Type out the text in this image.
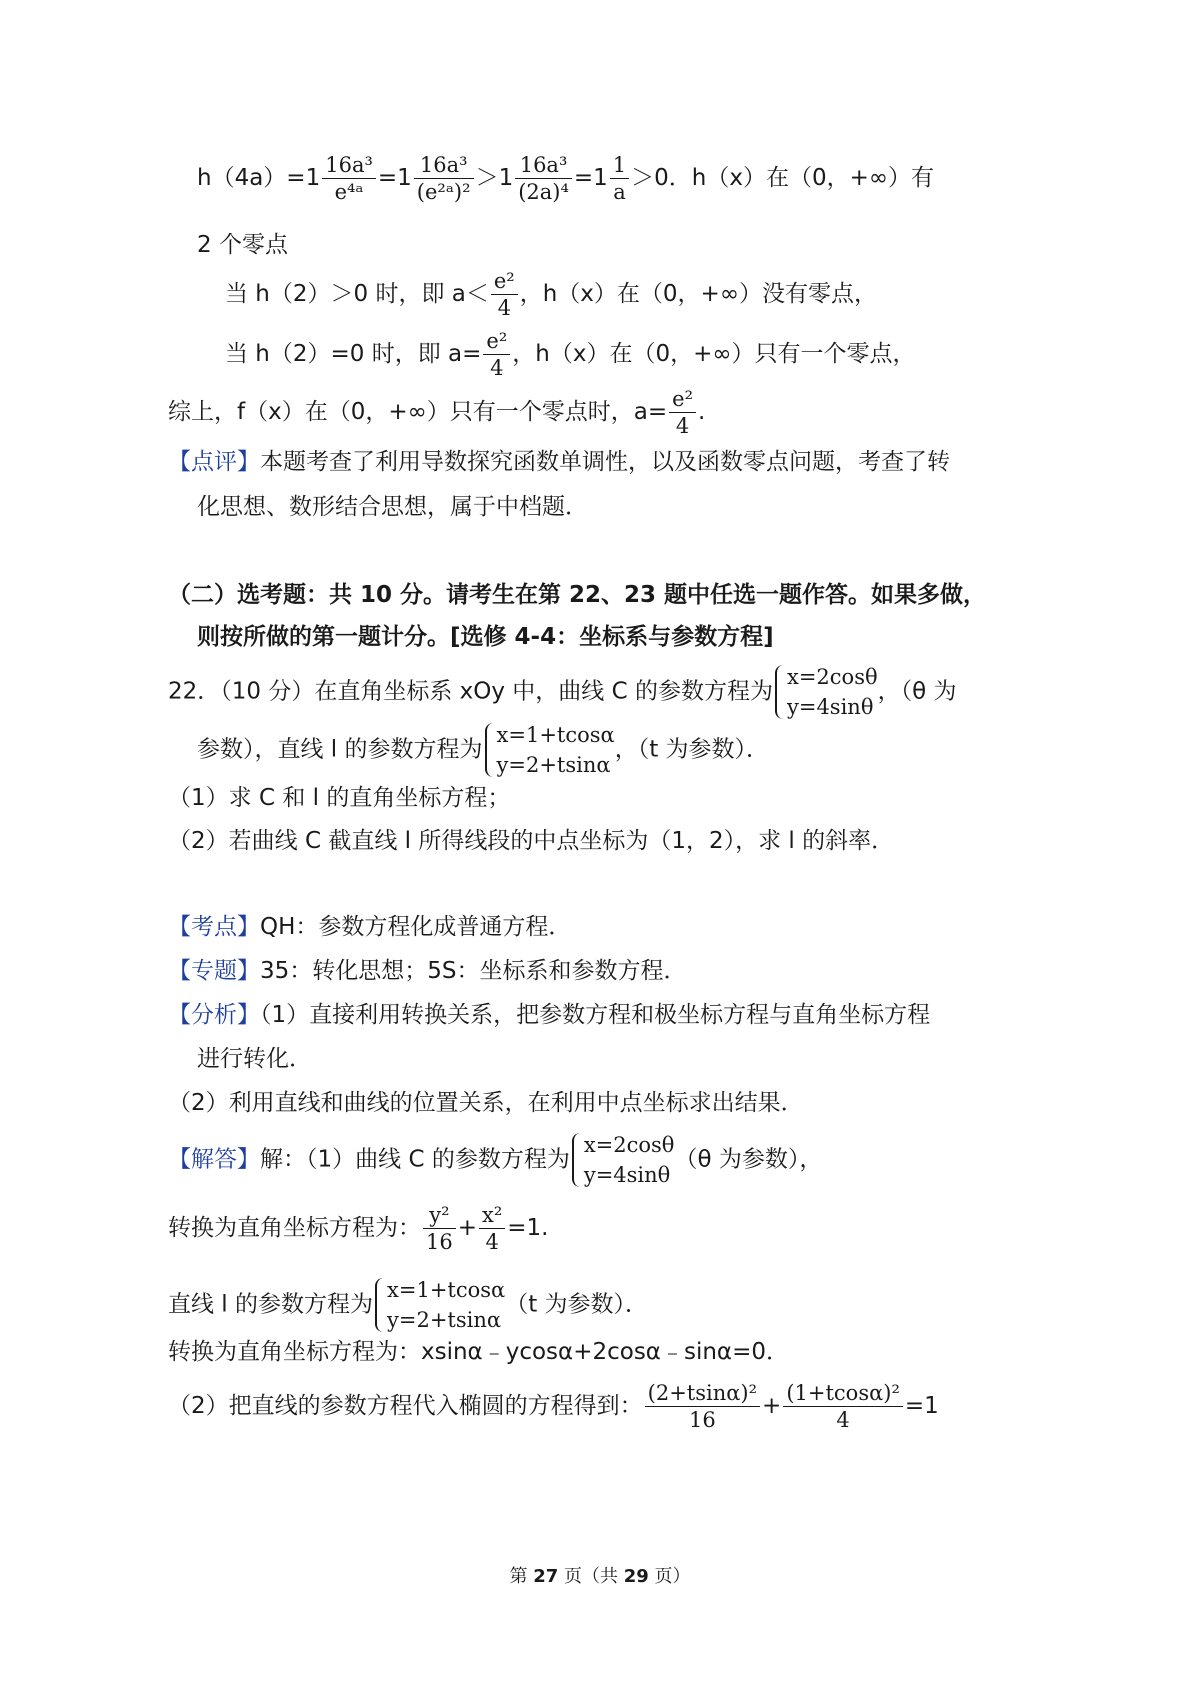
$h(4a)=1 \frac{\text{16a³}}{\text{e⁴ᵃ}} =1 \frac{\text{16a³}}{\text{(e²ᵃ)²}} >1 \frac{\text{16a³}}{\text{(2a)⁴}} =1 \frac{1}{a} >0$．h（x）在（0，+∞）有
2 个零点
当 h（2）＞0 时，即 $a< \frac{\text{e²}}{4}$ ，h（x）在（0，+∞）没有零点，
当 h（2）=0 时，即 $a= \frac{\text{e²}}{4}$ ，h（x）在（0，+∞）只有一个零点，
综上，f（x）在（0，+∞）只有一个零点时，$a= \frac{\text{e²}}{4}$ .
【点评】本题考查了利用导数探究函数单调性，以及函数零点问题，考查了转
化思想、数形结合思想，属于中档题．
（二）选考题：共 10 分。请考生在第 22、23 题中任选一题作答。如果多做，
则按所做的第一题计分。[选修 4-4：坐标系与参数方程]
22．（10 分）在直角坐标系 xOy 中，曲线 C 的参数方程为
x=2cosθ
y=4sinθ
，（θ 为
参数），直线 l 的参数方程为
x=1+tcosα
y=2+tsinα
，（t 为参数）．
（1）求 C 和 l 的直角坐标方程；
（2）若曲线 C 截直线 l 所得线段的中点坐标为（1，2），求 l 的斜率．
【考点】QH：参数方程化成普通方程．
【专题】35：转化思想；5S：坐标系和参数方程．
【分析】（1）直接利用转换关系，把参数方程和极坐标方程与直角坐标方程
进行转化．
（2）利用直线和曲线的位置关系，在利用中点坐标求出结果．
【解答】解：（1）曲线 C 的参数方程为
x=2cosθ
y=4sinθ
（θ 为参数），
转换为直角坐标方程为： $\frac{\text{y²}}{16} + \frac{\text{x²}}{4} =1$.
直线 l 的参数方程为
x=1+tcosα
y=2+tsinα
（t 为参数）．
转换为直角坐标方程为：xsinα﹣ycosα+2cosα﹣sinα=0．
（2）把直线的参数方程代入椭圆的方程得到： $\frac{\text{(2+tsinα)²}}{16} + \frac{\text{(1+tcosα)²}}{4} =1$
第 27 页（共 29 页）
